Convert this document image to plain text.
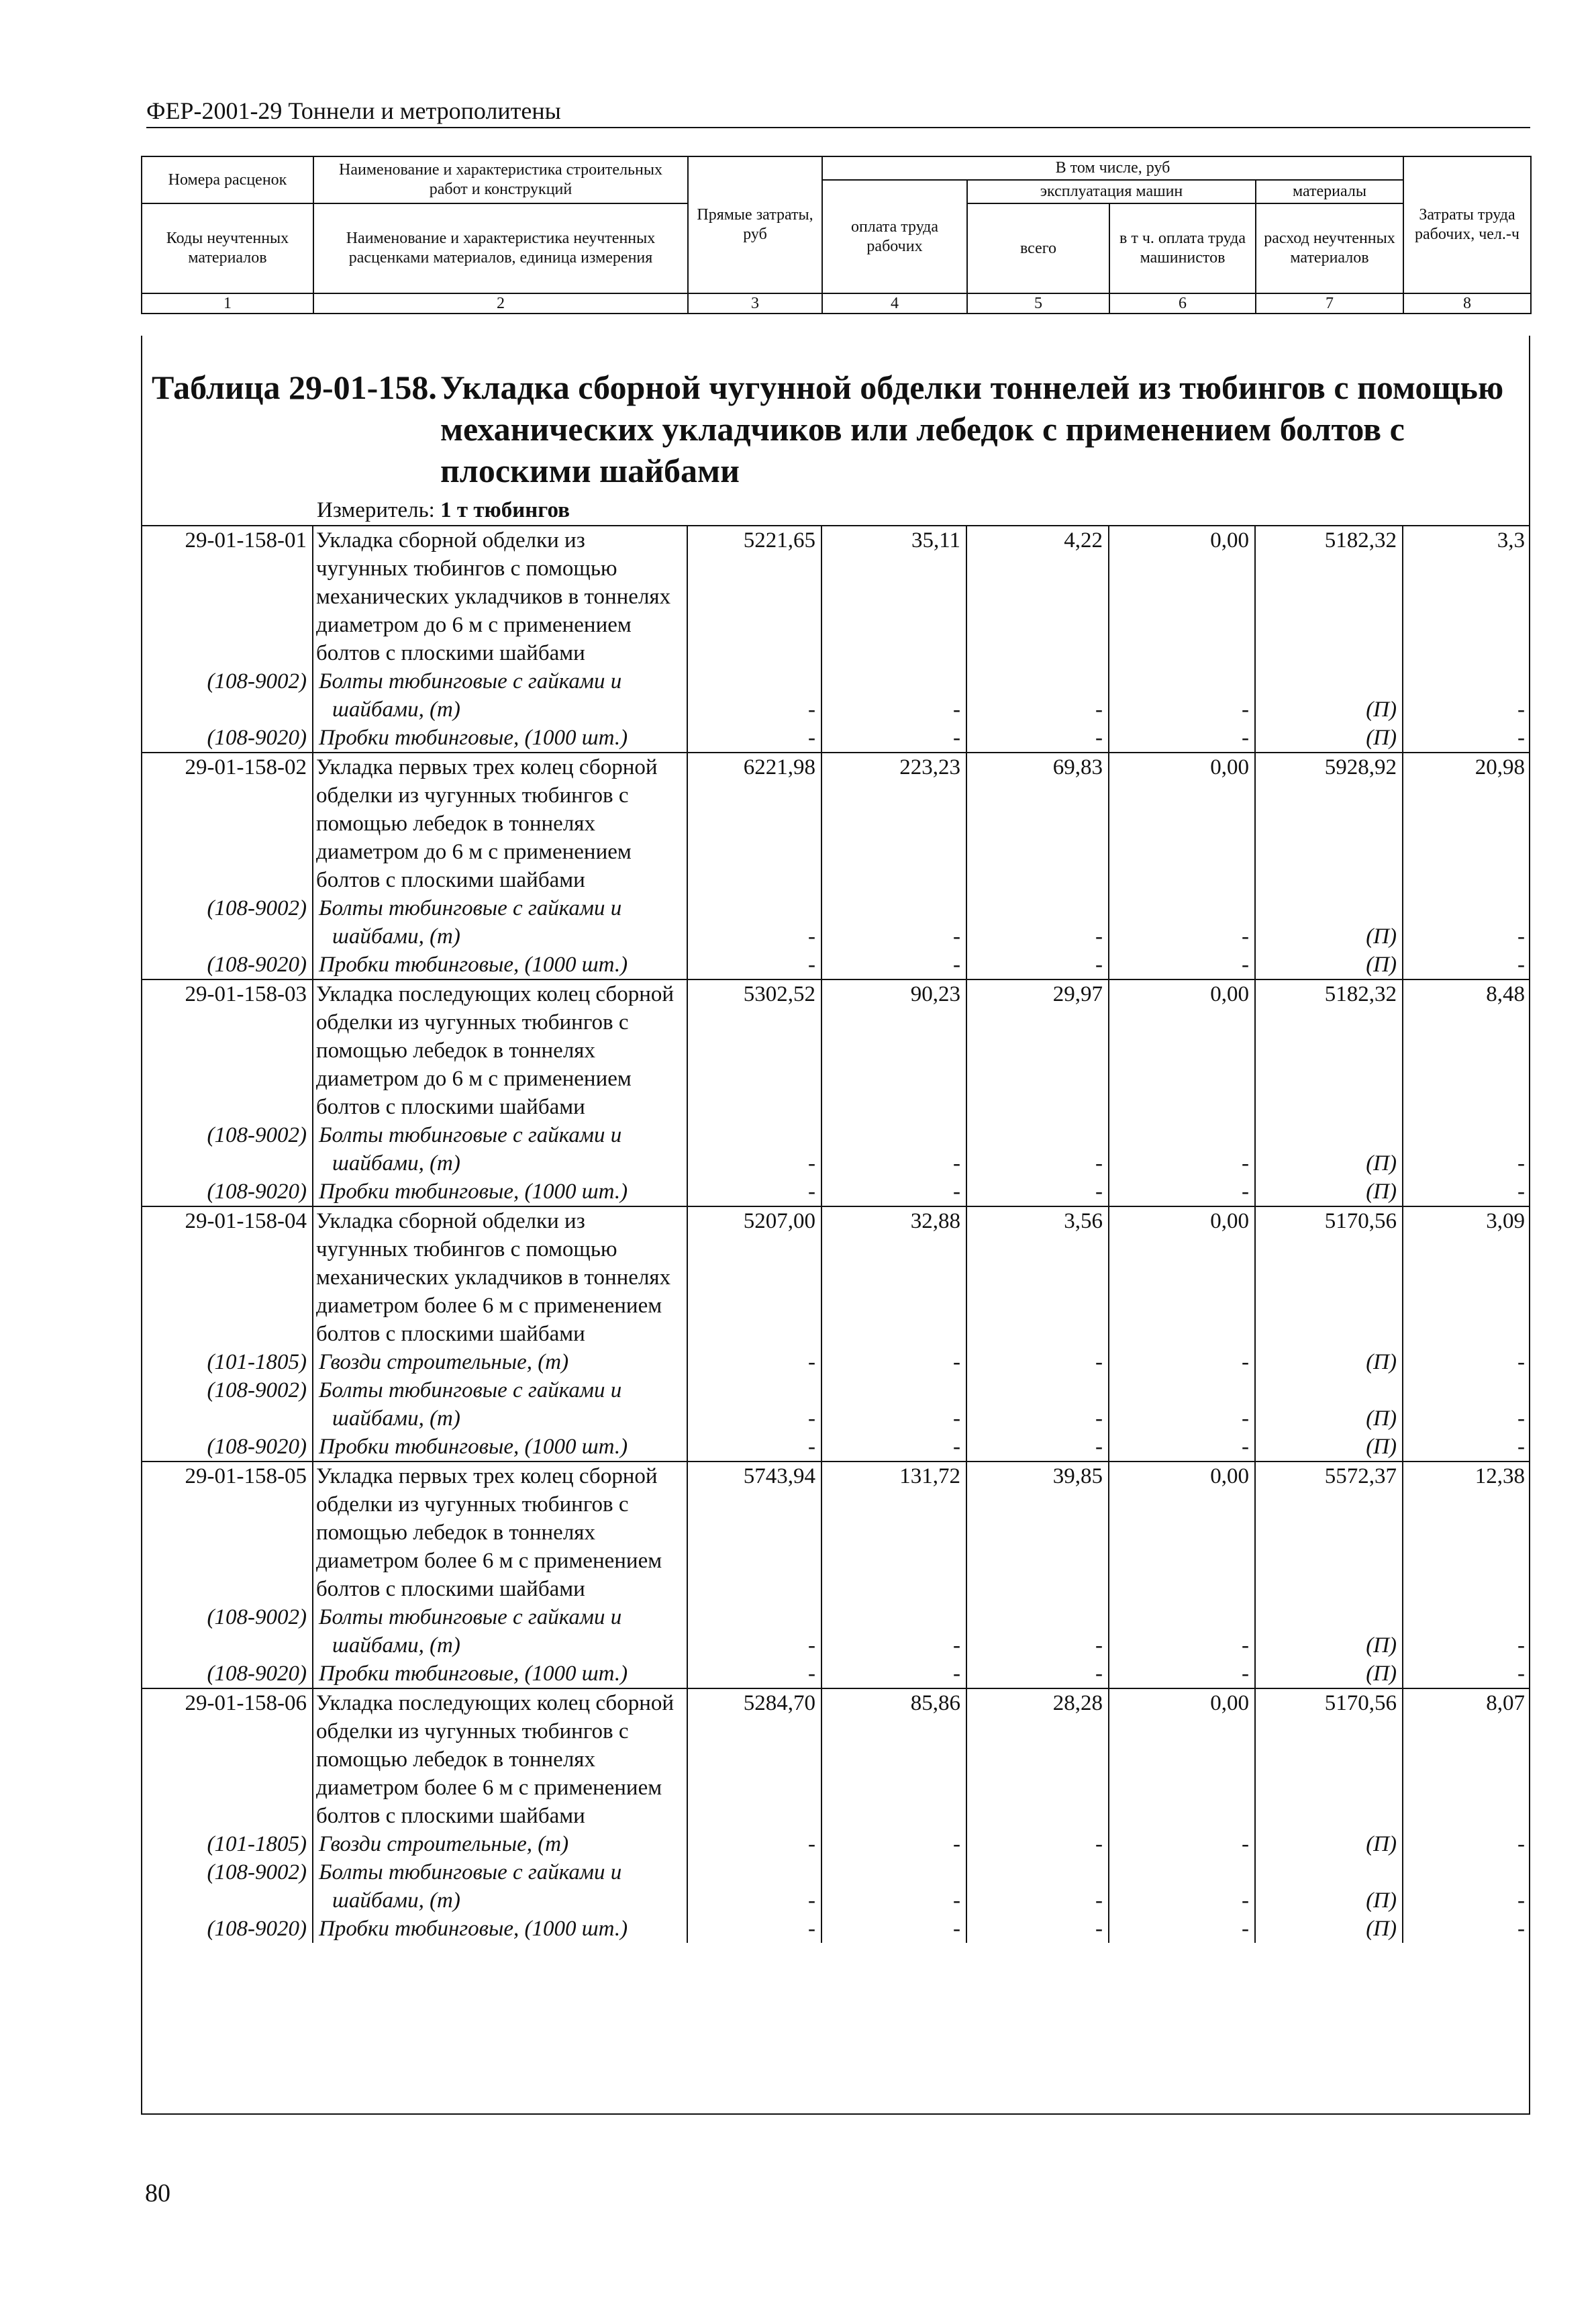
ФЕР-2001-29 Тоннели и метрополитены
Номера расценок	Наименование и характеристика строительных работ и конструкций	Прямые затраты, руб	В том числе, руб				Затраты труда рабочих, чел.-ч
			оплата труда рабочих	эксплуатация машин		материалы	
Коды неучтенных материалов	Наименование и характеристика неучтенных расценками материалов, единица измерения			всего	в т ч. оплата труда машинистов	расход неучтенных материалов	

1	2	3	4	5	6	7	8
Таблица 29-01-158. Укладка сборной чугунной обделки тоннелей из тюбингов с помощью механических укладчиков или лебедок с применением болтов с плоскими шайбами
Измеритель: 1 т тюбингов
29-01-158-01	Укладка сборной обделки из чугунных тюбингов с помощью механических укладчиков в тоннелях диаметром до 6 м с применением болтов с плоскими шайбами	5221,65	35,11	4,22	0,00	5182,32	3,3
(108-9002)	Болты тюбинговые с гайками и шайбами, (т)	-	-	-	-	(П)	-
(108-9020)	Пробки тюбинговые, (1000 шт.)	-	-	-	-	(П)	-
29-01-158-02	Укладка первых трех колец сборной обделки из чугунных тюбингов с помощью лебедок в тоннелях диаметром до 6 м с применением болтов с плоскими шайбами	6221,98	223,23	69,83	0,00	5928,92	20,98
(108-9002)	Болты тюбинговые с гайками и шайбами, (т)	-	-	-	-	(П)	-
(108-9020)	Пробки тюбинговые, (1000 шт.)	-	-	-	-	(П)	-
29-01-158-03	Укладка последующих колец сборной обделки из чугунных тюбингов с помощью лебедок в тоннелях диаметром до 6 м с применением болтов с плоскими шайбами	5302,52	90,23	29,97	0,00	5182,32	8,48
(108-9002)	Болты тюбинговые с гайками и шайбами, (т)	-	-	-	-	(П)	-
(108-9020)	Пробки тюбинговые, (1000 шт.)	-	-	-	-	(П)	-
29-01-158-04	Укладка сборной обделки из чугунных тюбингов с помощью механических укладчиков в тоннелях диаметром более 6 м с применением болтов с плоскими шайбами	5207,00	32,88	3,56	0,00	5170,56	3,09
(101-1805)	Гвозди строительные, (т)	-	-	-	-	(П)	-
(108-9002)	Болты тюбинговые с гайками и шайбами, (т)	-	-	-	-	(П)	-
(108-9020)	Пробки тюбинговые, (1000 шт.)	-	-	-	-	(П)	-
29-01-158-05	Укладка первых трех колец сборной обделки из чугунных тюбингов с помощью лебедок в тоннелях диаметром более 6 м с применением болтов с плоскими шайбами	5743,94	131,72	39,85	0,00	5572,37	12,38
(108-9002)	Болты тюбинговые с гайками и шайбами, (т)	-	-	-	-	(П)	-
(108-9020)	Пробки тюбинговые, (1000 шт.)	-	-	-	-	(П)	-
29-01-158-06	Укладка последующих колец сборной обделки из чугунных тюбингов с помощью лебедок в тоннелях диаметром более 6 м с применением болтов с плоскими шайбами	5284,70	85,86	28,28	0,00	5170,56	8,07
(101-1805)	Гвозди строительные, (т)	-	-	-	-	(П)	-
(108-9002)	Болты тюбинговые с гайками и шайбами, (т)	-	-	-	-	(П)	-
(108-9020)	Пробки тюбинговые, (1000 шт.)	-	-	-	-	(П)	-
80
